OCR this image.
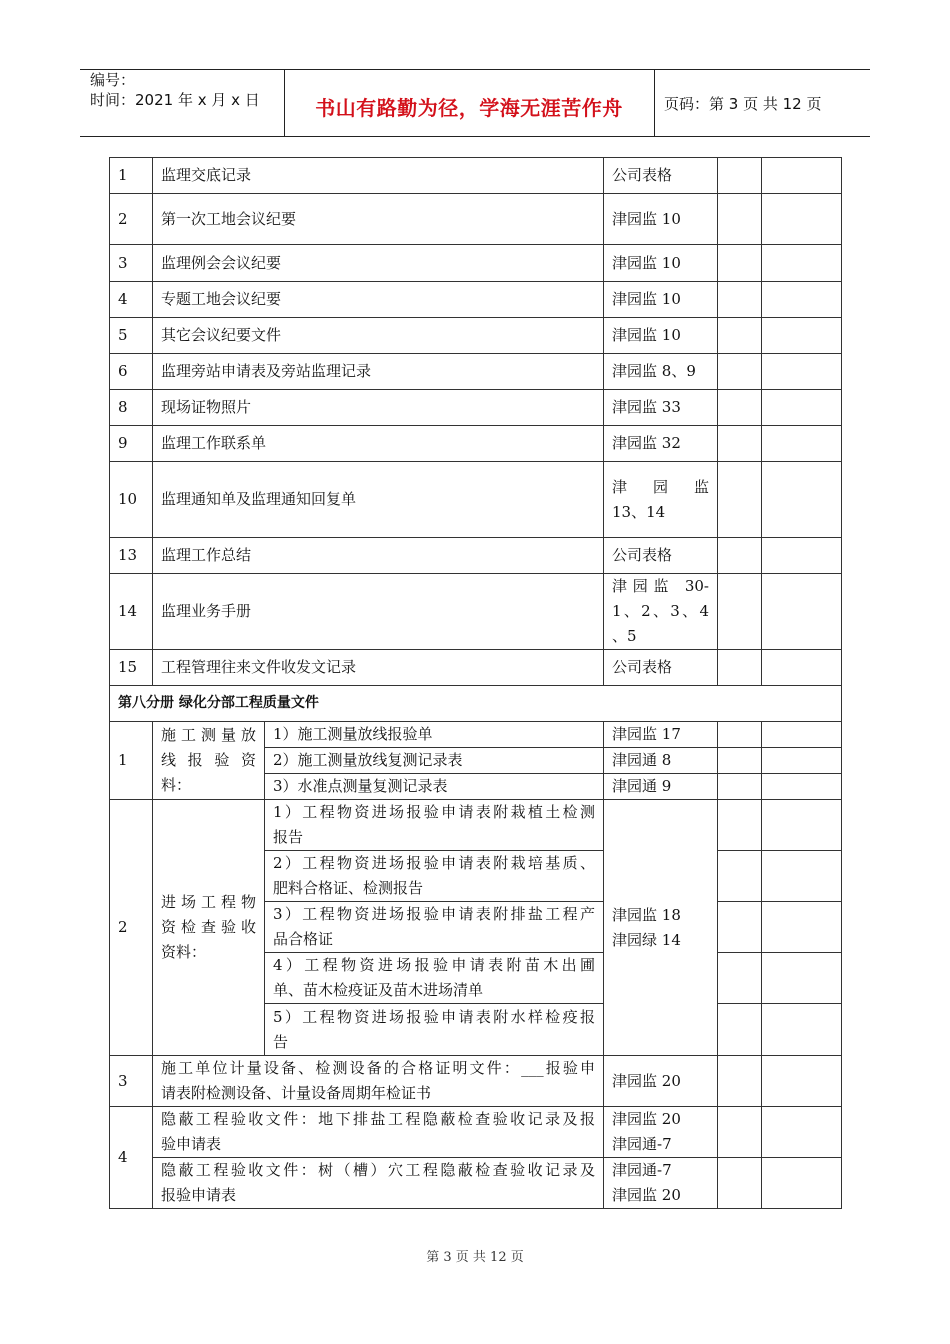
编号：
时间：2021 年 x 月 x 日	书山有路勤为径，学海无涯苦作舟	页码：第 3 页 共 12 页
1	监理交底记录		公司表格		
2	第一次工地会议纪要		津园监 10		
3	监理例会会议纪要		津园监 10		
4	专题工地会议纪要		津园监 10		
5	其它会议纪要文件		津园监 10		
6	监理旁站申请表及旁站监理记录		津园监 8、9		
8	现场证物照片		津园监 33		
9	监理工作联系单		津园监 32		
10	监理通知单及监理通知回复单		津 园 监
13、14		

13	监理工作总结		公司表格		
14	监理业务手册		津园监 30-
1、2、3、4
、5		

15	工程管理往来文件收发文记录		公司表格		
第八分册 绿化分部工程质量文件					
1	施工测量放
线 报 验 资
料：	1）施工测量放线报验单	津园监 17		
		2）施工测量放线复测记录表	津园通 8		
		3）水准点测量复测记录表	津园通 9		
2	进场工程物
资检查验收
资料：	1）工程物资进场报验申请表附栽植土检测
报告	津园监 18
津园绿 14		

		2）工程物资进场报验申请表附栽培基质、
肥料合格证、检测报告			

		3）工程物资进场报验申请表附排盐工程产
品合格证			

		4）工程物资进场报验申请表附苗木出圃
单、苗木检疫证及苗木进场清单			

		5）工程物资进场报验申请表附水样检疫报
告			

3	施工单位计量设备、检测设备的合格证明文件：___报验申
请表附检测设备、计量设备周期年检证书		津园监 20		
4	隐蔽工程验收文件：地下排盐工程隐蔽检查验收记录及报
验申请表		津园监 20
津园通-7		

	隐蔽工程验收文件：树（槽）穴工程隐蔽检查验收记录及
报验申请表		津园通-7
津园监 20		

第 3 页 共 12 页
